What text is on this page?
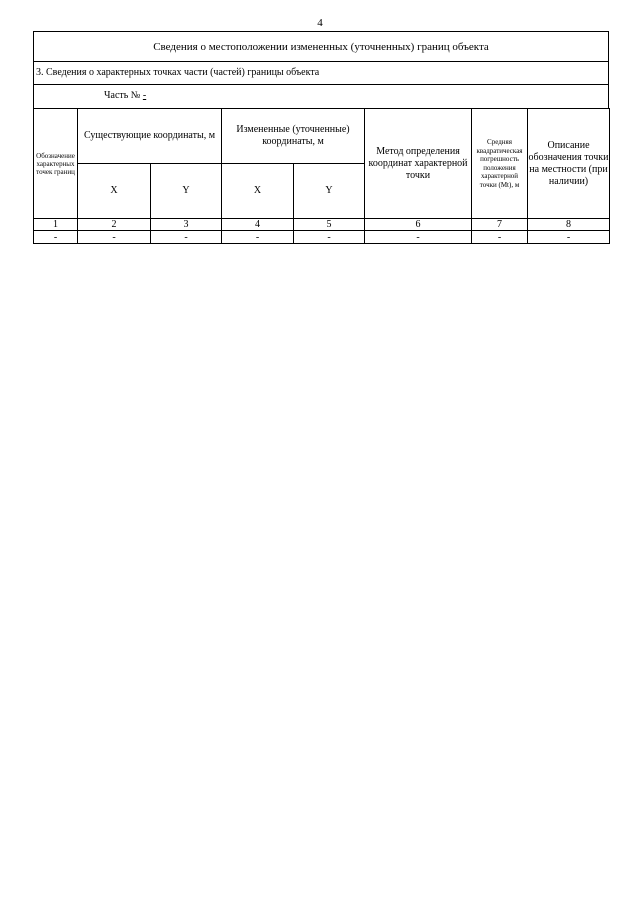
4
Сведения о местоположении измененных (уточненных) границ объекта
3. Сведения о характерных точках части (частей) границы объекта
Часть № -
Обозначение характерных точек границ	Существующие координаты, м		Измененные (уточненные) координаты, м		Метод определения координат характерной точки	Средняя квадратическая погрешность положения характерной точки (Mt), м	Описание обозначения точки на местности (при наличии)
	X	Y	X	Y			
1	2	3	4	5	6	7	8
-	-	-	-	-	-	-	-
